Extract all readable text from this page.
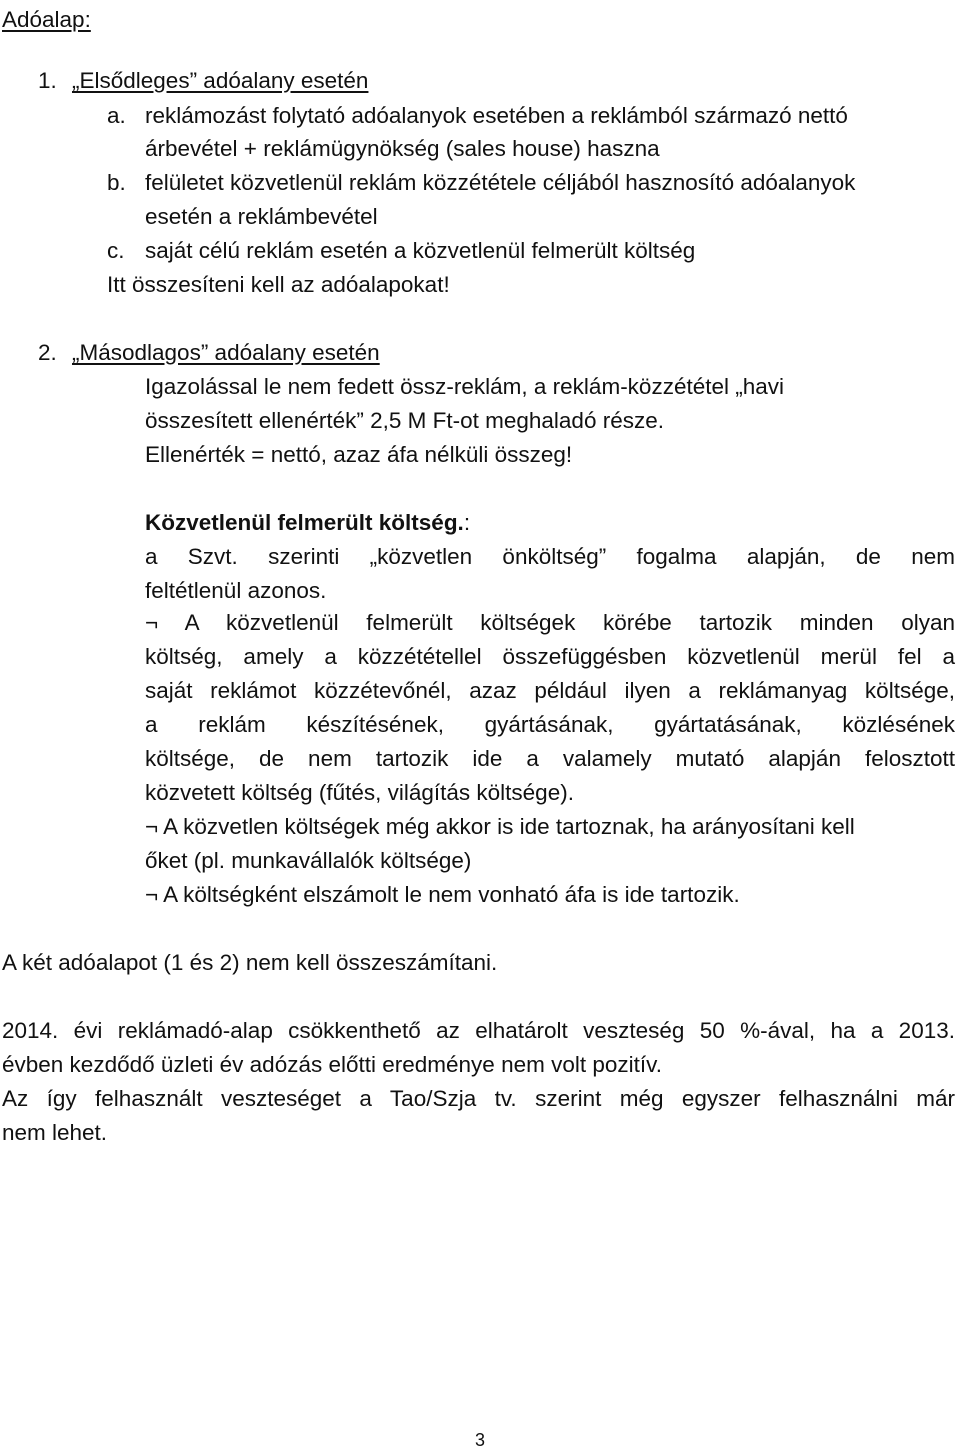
Adóalap:
1. „Elsődleges” adóalany esetén
a. reklámozást folytató adóalanyok esetében a reklámból származó nettó
árbevétel + reklámügynökség (sales house) haszna
b. felületet közvetlenül reklám közzététele céljából hasznosító adóalanyok
esetén a reklámbevétel
c. saját célú reklám esetén a közvetlenül felmerült költség
Itt összesíteni kell az adóalapokat!
2. „Másodlagos” adóalany esetén
Igazolással le nem fedett össz-reklám, a reklám-közzététel „havi
összesített ellenérték” 2,5 M Ft-ot meghaladó része.
Ellenérték = nettó, azaz áfa nélküli összeg!
Közvetlenül felmerült költség.:
a Szvt. szerinti „közvetlen önköltség” fogalma alapján, de nem
feltétlenül azonos.
¬ A közvetlenül felmerült költségek körébe tartozik minden olyan
költség, amely a közzététellel összefüggésben közvetlenül merül fel a
saját reklámot közzétevőnél, azaz például ilyen a reklámanyag költsége,
a reklám készítésének, gyártásának, gyártatásának, közlésének
költsége, de nem tartozik ide a valamely mutató alapján felosztott
közvetett költség (fűtés, világítás költsége).
¬ A közvetlen költségek még akkor is ide tartoznak, ha arányosítani kell
őket (pl. munkavállalók költsége)
¬ A költségként elszámolt le nem vonható áfa is ide tartozik.
A két adóalapot (1 és 2) nem kell összeszámítani.
2014. évi reklámadó-alap csökkenthető az elhatárolt veszteség 50 %-ával, ha a 2013.
évben kezdődő üzleti év adózás előtti eredménye nem volt pozitív.
Az így felhasznált veszteséget a Tao/Szja tv. szerint még egyszer felhasználni már
nem lehet.
3
